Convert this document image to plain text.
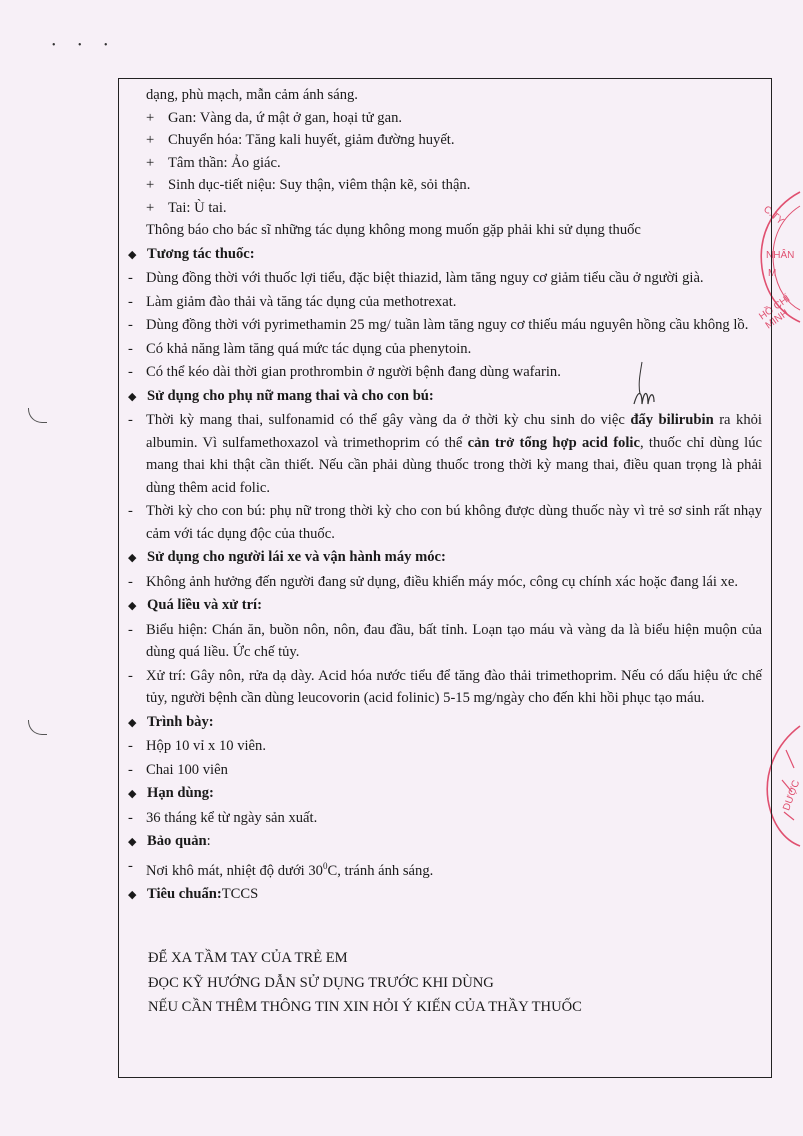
• • •
C.TY
NHÂN
M
HỒ CHÍ MINH
DƯỢC

dạng, phù mạch, mẫn cảm ánh sáng.

+ Gan: Vàng da, ứ mật ở gan, hoại tử gan.
+ Chuyển hóa: Tăng kali huyết, giảm đường huyết.
+ Tâm thần: Ảo giác.
+ Sinh dục-tiết niệu: Suy thận, viêm thận kẽ, sỏi thận.
+ Tai: Ù tai.

Thông báo cho bác sĩ những tác dụng không mong muốn gặp phải khi sử dụng thuốc

◆ Tương tác thuốc:
- Dùng đồng thời với thuốc lợi tiểu, đặc biệt thiazid, làm tăng nguy cơ giảm tiểu cầu ở người già.
- Làm giảm đào thải và tăng tác dụng của methotrexat.
- Dùng đồng thời với pyrimethamin 25 mg/ tuần làm tăng nguy cơ thiếu máu nguyên hồng cầu không lồ.
- Có khả năng làm tăng quá mức tác dụng của phenytoin.
- Có thể kéo dài thời gian prothrombin ở người bệnh đang dùng wafarin.
◆ Sử dụng cho phụ nữ mang thai và cho con bú:
- Thời kỳ mang thai, sulfonamid có thể gây vàng da ở thời kỳ chu sinh do việc đẩy bilirubin ra khỏi albumin. Vì sulfamethoxazol và trimethoprim có thể cản trở tổng hợp acid folic, thuốc chỉ dùng lúc mang thai khi thật cần thiết. Nếu cần phải dùng thuốc trong thời kỳ mang thai, điều quan trọng là phải dùng thêm acid folic.
- Thời kỳ cho con bú: phụ nữ trong thời kỳ cho con bú không được dùng thuốc này vì trẻ sơ sinh rất nhạy cảm với tác dụng độc của thuốc.
◆ Sử dụng cho người lái xe và vận hành máy móc:
- Không ảnh hưởng đến người đang sử dụng, điều khiển máy móc, công cụ chính xác hoặc đang lái xe.
◆ Quá liều và xử trí:
- Biểu hiện: Chán ăn, buồn nôn, nôn, đau đầu, bất tỉnh. Loạn tạo máu và vàng da là biểu hiện muộn của dùng quá liều. Ức chế tủy.
- Xử trí: Gây nôn, rửa dạ dày. Acid hóa nước tiểu để tăng đào thải trimethoprim. Nếu có dấu hiệu ức chế tủy, người bệnh cần dùng leucovorin (acid folinic) 5-15 mg/ngày cho đến khi hồi phục tạo máu.
◆ Trình bày:
- Hộp 10 vỉ x 10 viên.
- Chai 100 viên
◆ Hạn dùng:
- 36 tháng kể từ ngày sản xuất.
◆ Bảo quản :
- Nơi khô mát, nhiệt độ dưới $30^0C$, tránh ánh sáng.
◆ Tiêu chuẩn: TCCS
ĐỂ XA TẦM TAY CỦA TRẺ EM
ĐỌC KỸ HƯỚNG DẪN SỬ DỤNG TRƯỚC KHI DÙNG
NẾU CẦN THÊM THÔNG TIN XIN HỎI Ý KIẾN CỦA THẦY THUỐC
